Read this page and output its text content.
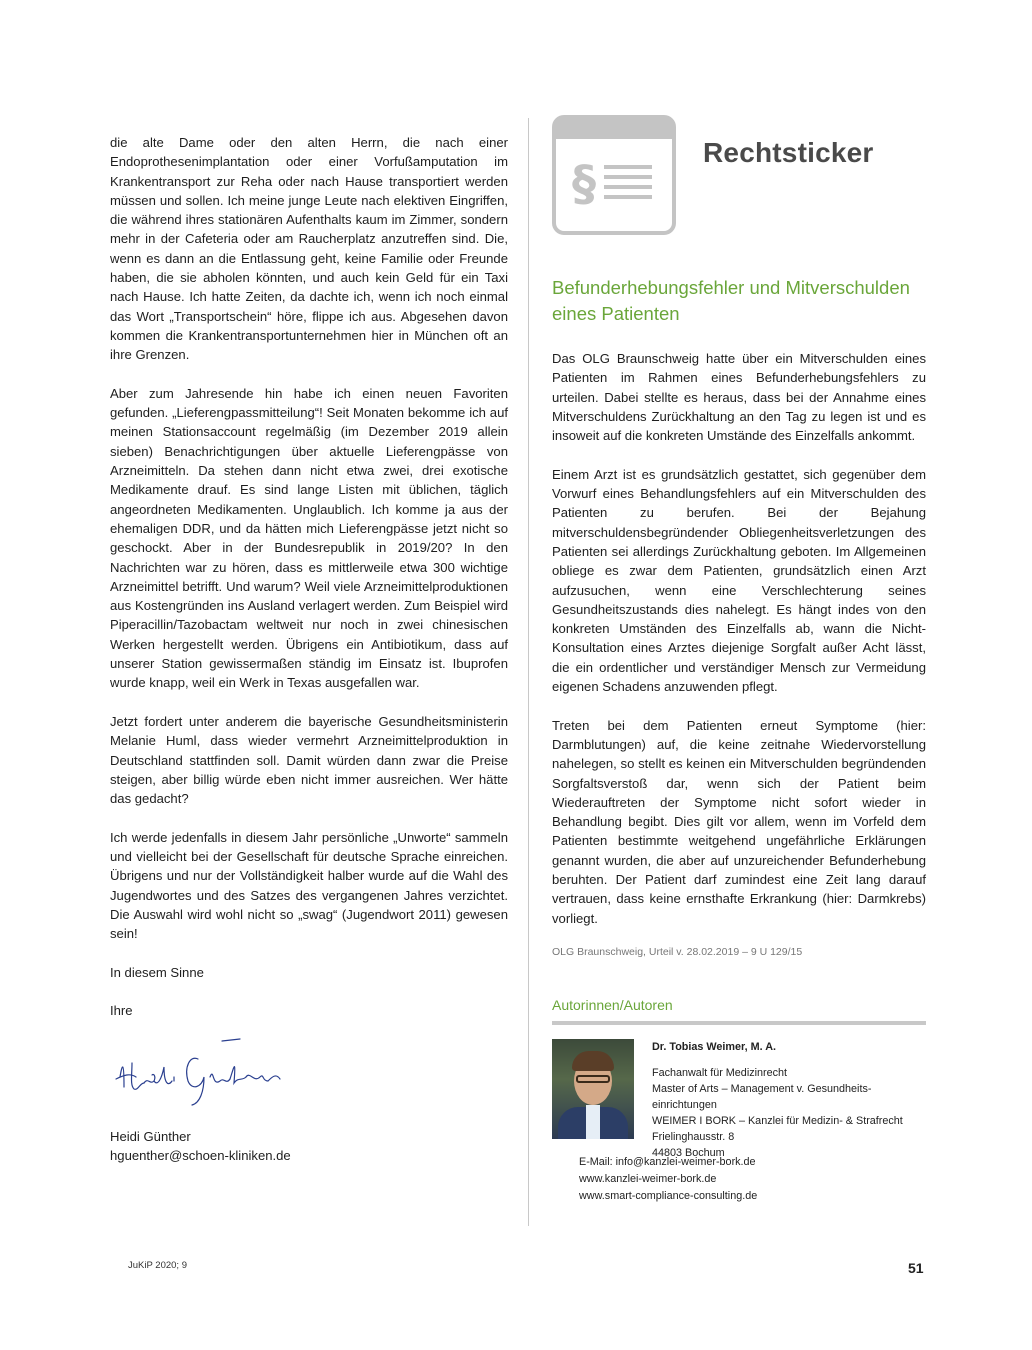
die alte Dame oder den alten Herrn, die nach einer Endoprothesenimplantation oder einer Vorfußamputation im Krankentransport zur Reha oder nach Hause transportiert werden müssen und sollen. Ich meine junge Leute nach elektiven Eingriffen, die während ihres stationären Aufenthalts kaum im Zimmer, sondern mehr in der Cafeteria oder am Raucherplatz anzutreffen sind. Die, wenn es dann an die Entlassung geht, keine Familie oder Freunde haben, die sie abholen könnten, und auch kein Geld für ein Taxi nach Hause. Ich hatte Zeiten, da dachte ich, wenn ich noch einmal das Wort „Transportschein“ höre, flippe ich aus. Abgesehen davon kommen die Krankentransportunternehmen hier in München oft an ihre Grenzen.

Aber zum Jahresende hin habe ich einen neuen Favoriten gefunden. „Lieferengpassmitteilung“! Seit Monaten bekomme ich auf meinen Stationsaccount regelmäßig (im Dezember 2019 allein sieben) Benachrichtigungen über aktuelle Lieferengpässe von Arzneimitteln. Da stehen dann nicht etwa zwei, drei exotische Medikamente drauf. Es sind lange Listen mit üblichen, täglich angeordneten Medikamenten. Unglaublich. Ich komme ja aus der ehemaligen DDR, und da hätten mich Lieferengpässe jetzt nicht so geschockt. Aber in der Bundesrepublik in 2019/20? In den Nachrichten war zu hören, dass es mittlerweile etwa 300 wichtige Arzneimittel betrifft. Und warum? Weil viele Arzneimittelproduktionen aus Kostengründen ins Ausland verlagert werden. Zum Beispiel wird Piperacillin/Tazobactam weltweit nur noch in zwei chinesischen Werken hergestellt werden. Übrigens ein Antibiotikum, dass auf unserer Station gewissermaßen ständig im Einsatz ist. Ibuprofen wurde knapp, weil ein Werk in Texas ausgefallen war.

Jetzt fordert unter anderem die bayerische Gesundheitsministerin Melanie Huml, dass wieder vermehrt Arzneimittelproduktion in Deutschland stattfinden soll. Damit würden dann zwar die Preise steigen, aber billig würde eben nicht immer ausreichen. Wer hätte das gedacht?

Ich werde jedenfalls in diesem Jahr persönliche „Unworte“ sammeln und vielleicht bei der Gesellschaft für deutsche Sprache einreichen. Übrigens und nur der Vollständigkeit halber wurde auf die Wahl des Jugendwortes und des Satzes des vergangenen Jahres verzichtet. Die Auswahl wird wohl nicht so „swag“ (Jugendwort 2011) gewesen sein!

In diesem Sinne

Ihre

Heidi Günther
hguenther@schoen-kliniken.de
§
Rechtsticker
Befunderhebungsfehler und Mitverschulden eines Patienten

Das OLG Braunschweig hatte über ein Mitverschulden eines Patienten im Rahmen eines Befunderhebungsfehlers zu urteilen. Dabei stellte es heraus, dass bei der Annahme eines Mitverschuldens Zurückhaltung an den Tag zu legen ist und es insoweit auf die konkreten Umstände des Einzelfalls ankommt.

Einem Arzt ist es grundsätzlich gestattet, sich gegenüber dem Vorwurf eines Behandlungsfehlers auf ein Mitverschulden des Patienten zu berufen. Bei der Bejahung mitverschuldensbegründender Obliegenheitsverletzungen des Patienten sei allerdings Zurückhaltung geboten. Im Allgemeinen obliege es zwar dem Patienten, grundsätzlich einen Arzt aufzusuchen, wenn eine Verschlechterung seines Gesundheitszustands dies nahelegt. Es hängt indes von den konkreten Umständen des Einzelfalls ab, wann die Nicht-Konsultation eines Arztes diejenige Sorgfalt außer Acht lässt, die ein ordentlicher und verständiger Mensch zur Vermeidung eigenen Schadens anzuwenden pflegt.

Treten bei dem Patienten erneut Symptome (hier: Darmblutungen) auf, die keine zeitnahe Wiedervorstellung nahelegen, so stellt es keinen ein Mitverschulden begründenden Sorgfaltsverstoß dar, wenn sich der Patient beim Wiederauftreten der Symptome nicht sofort wieder in Behandlung begibt. Dies gilt vor allem, wenn im Vorfeld dem Patienten bestimmte weitgehend ungefährliche Erklärungen genannt wurden, die aber auf unzureichender Befunderhebung beruhten. Der Patient darf zumindest eine Zeit lang darauf vertrauen, dass keine ernsthafte Erkrankung (hier: Darmkrebs) vorliegt.

OLG Braunschweig, Urteil v. 28.02.2019 – 9 U 129/15
Autorinnen/Autoren
Dr. Tobias Weimer, M. A.
Fachanwalt für Medizinrecht
Master of Arts – Management v. Gesundheits-einrichtungen
WEIMER I BORK – Kanzlei für Medizin- & Strafrecht
Frielinghausstr. 8
44803 Bochum
E-Mail: info@kanzlei-weimer-bork.de
www.kanzlei-weimer-bork.de
www.smart-compliance-consulting.de
JuKiP 2020; 9	51
